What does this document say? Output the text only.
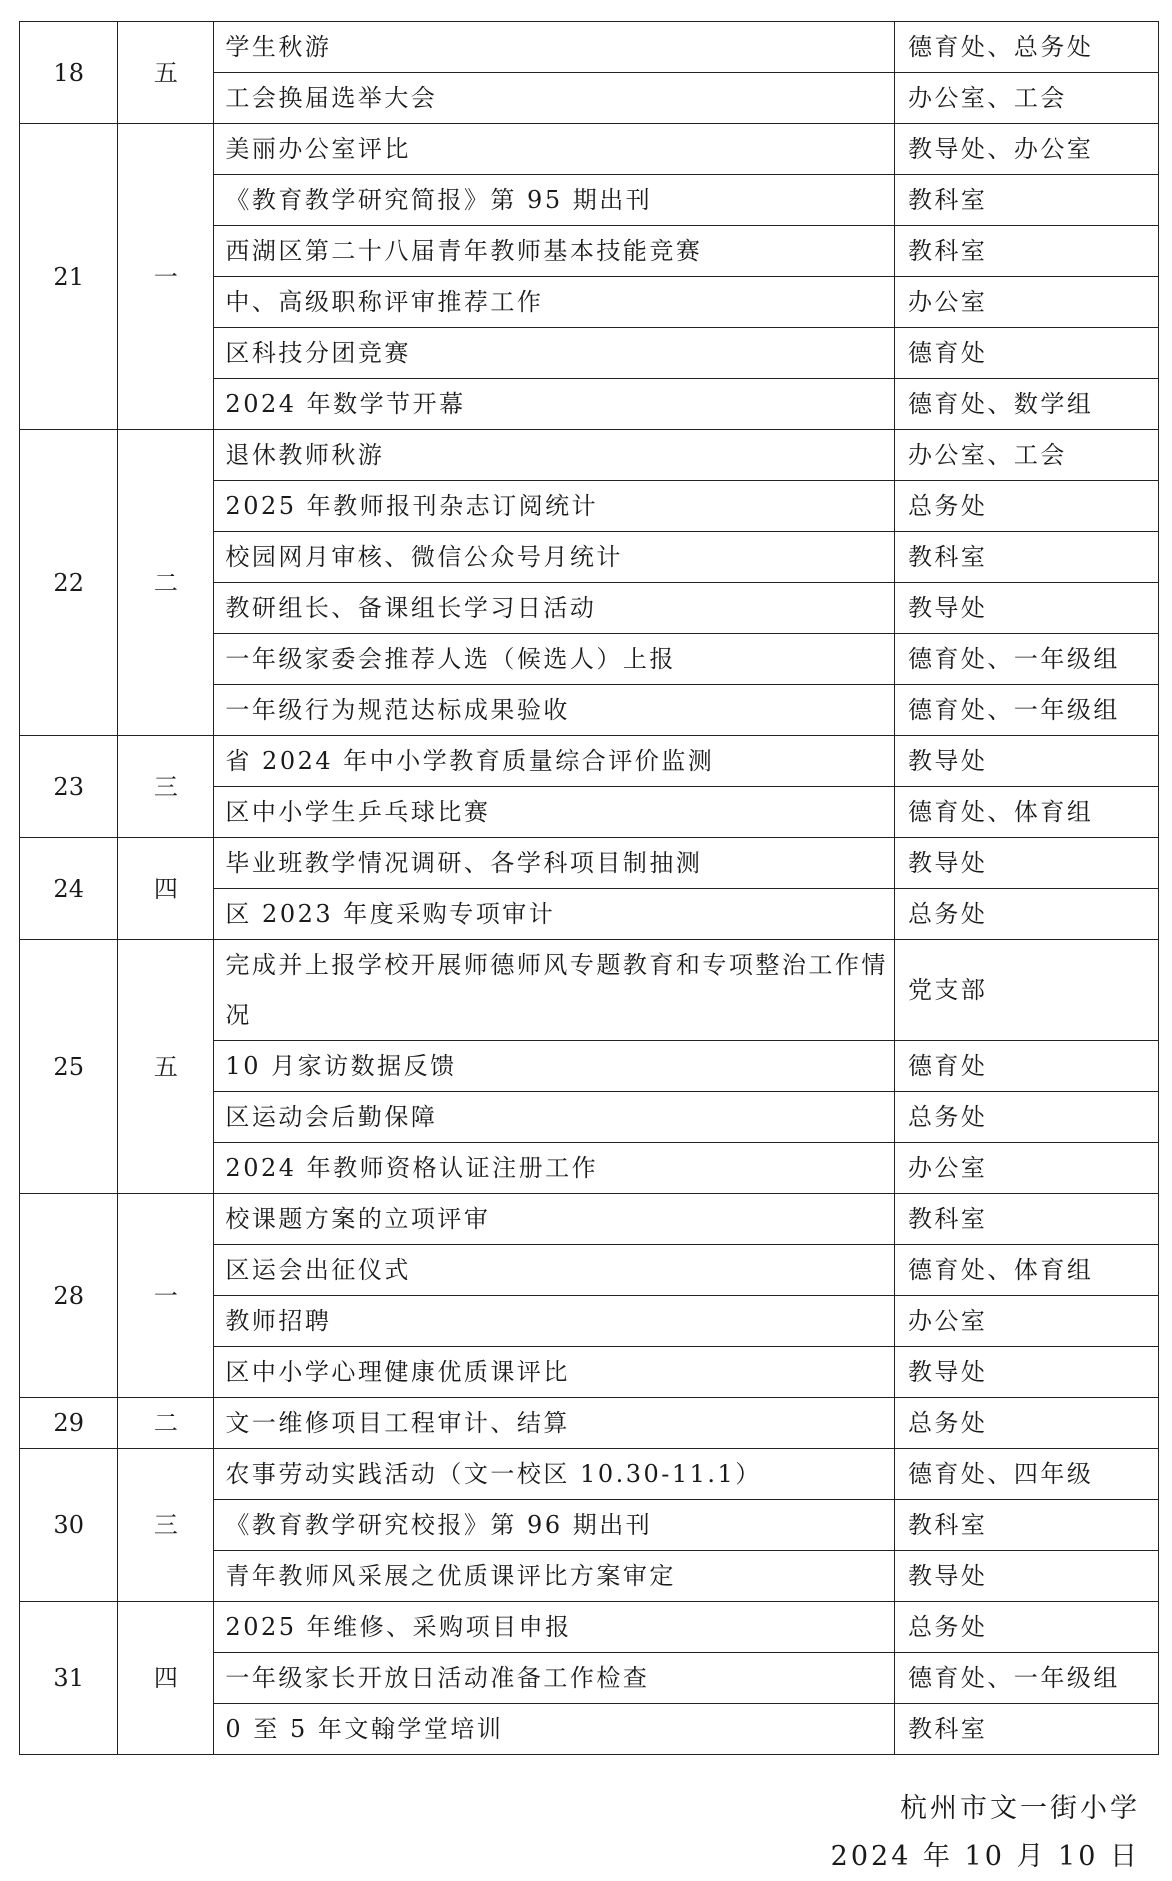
18	五	学生秋游	德育处、总务处
		工会换届选举大会	办公室、工会
21	一	美丽办公室评比	教导处、办公室
		《教育教学研究简报》第 95 期出刊	教科室
		西湖区第二十八届青年教师基本技能竞赛	教科室
		中、高级职称评审推荐工作	办公室
		区科技分团竞赛	德育处
		2024 年数学节开幕	德育处、数学组
22	二	退休教师秋游	办公室、工会
		2025 年教师报刊杂志订阅统计	总务处
		校园网月审核、微信公众号月统计	教科室
		教研组长、备课组长学习日活动	教导处
		一年级家委会推荐人选（候选人）上报	德育处、一年级组
		一年级行为规范达标成果验收	德育处、一年级组
23	三	省 2024 年中小学教育质量综合评价监测	教导处
		区中小学生乒乓球比赛	德育处、体育组
24	四	毕业班教学情况调研、各学科项目制抽测	教导处
		区 2023 年度采购专项审计	总务处
25	五	完成并上报学校开展师德师风专题教育和专项整治工作情况	党支部
		10 月家访数据反馈	德育处
		区运动会后勤保障	总务处
		2024 年教师资格认证注册工作	办公室
28	一	校课题方案的立项评审	教科室
		区运会出征仪式	德育处、体育组
		教师招聘	办公室
		区中小学心理健康优质课评比	教导处
29	二	文一维修项目工程审计、结算	总务处
30	三	农事劳动实践活动（文一校区 10.30-11.1）	德育处、四年级
		《教育教学研究校报》第 96 期出刊	教科室
		青年教师风采展之优质课评比方案审定	教导处
31	四	2025 年维修、采购项目申报	总务处
		一年级家长开放日活动准备工作检查	德育处、一年级组
		0 至 5 年文翰学堂培训	教科室
杭州市文一街小学
2024 年 10 月 10 日
